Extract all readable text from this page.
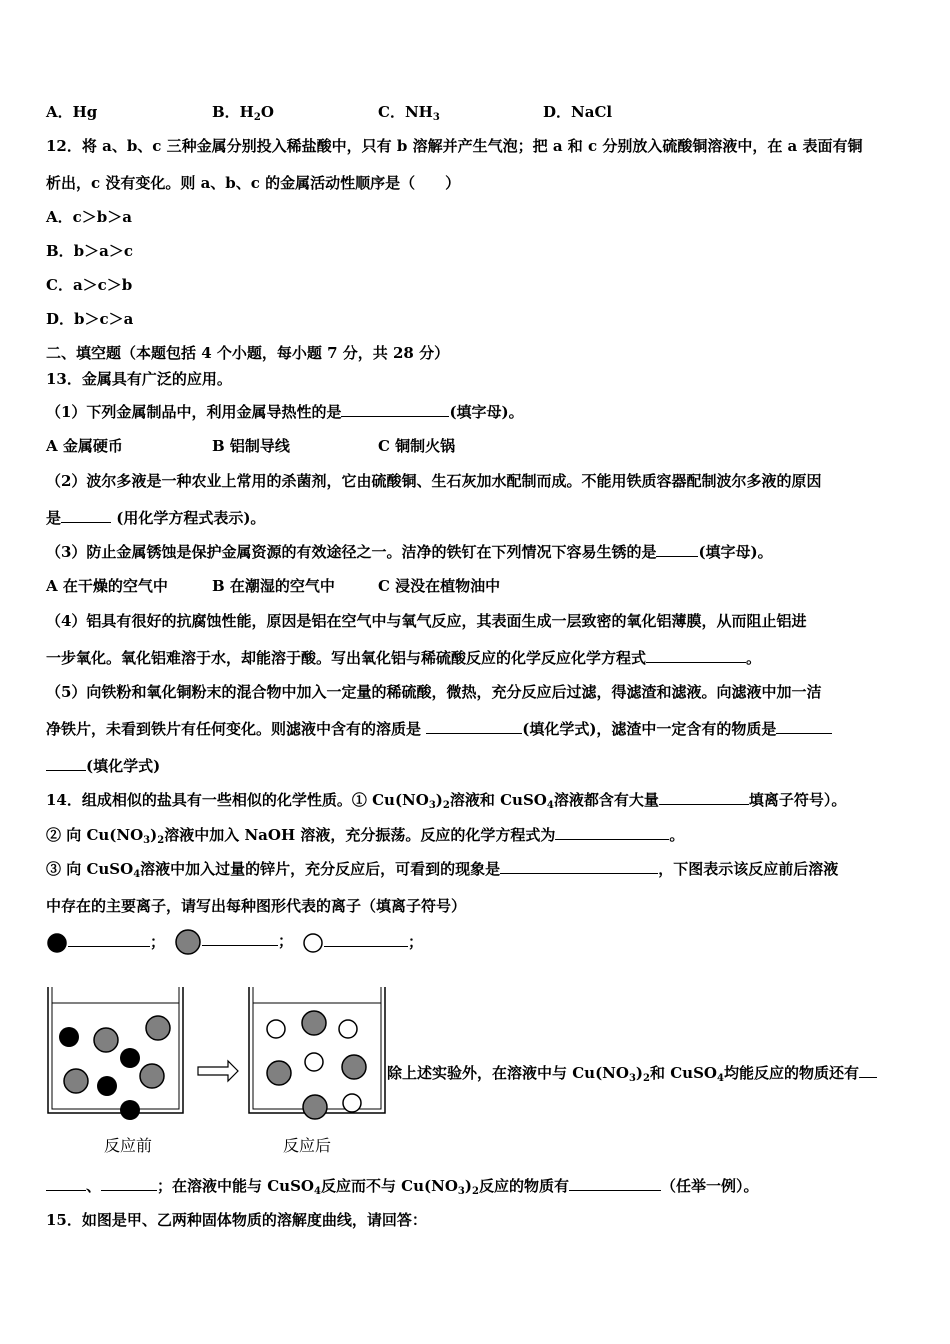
A．Hg	B．$H_2O$	C．$NH_3$	D．NaCl
12．将 a、b、c 三种金属分别投入稀盐酸中，只有 b 溶解并产生气泡；把 a 和 c 分别放入硫酸铜溶液中，在 a 表面有铜
析出，c 没有变化。则 a、b、c 的金属活动性顺序是（　　）
A．c＞b＞a
B．b＞a＞c
C．a＞c＞b
D．b＞c＞a
二、填空题（本题包括 4 个小题，每小题 7 分，共 28 分）
13．金属具有广泛的应用。
（1）下列金属制品中，利用金属导热性的是	(填字母)。
A 金属硬币	B 铝制导线	C 铜制火锅
（2）波尔多液是一种农业上常用的杀菌剂，它由硫酸铜、生石灰加水配制而成。不能用铁质容器配制波尔多液的原因
是	(用化学方程式表示)。
（3）防止金属锈蚀是保护金属资源的有效途径之一。洁净的铁钉在下列情况下容易生锈的是	(填字母)。
A 在干燥的空气中	B 在潮湿的空气中	C 浸没在植物油中
（4）铝具有很好的抗腐蚀性能，原因是铝在空气中与氧气反应，其表面生成一层致密的氧化铝薄膜，从而阻止铝进
一步氧化。氧化铝难溶于水，却能溶于酸。写出氧化铝与稀硫酸反应的化学反应化学方程式	。
（5）向铁粉和氧化铜粉末的混合物中加入一定量的稀硫酸，微热，充分反应后过滤，得滤渣和滤液。向滤液中加一洁
净铁片，未看到铁片有任何变化。则滤液中含有的溶质是	(填化学式)，滤渣中一定含有的物质是
(填化学式)
14．组成相似的盐具有一些相似的化学性质。① $Cu(NO_3)_2$溶液和 CuSO$_4$溶液都含有大量	填离子符号）。
② 向 $Cu(NO_3)_2$溶液中加入 NaOH 溶液，充分振荡。反应的化学方程式为	。
③ 向 CuSO$_4$溶液中加入过量的锌片，充分反应后，可看到的现象是	，下图表示该反应前后溶液
中存在的主要离子，请写出每种图形代表的离子（填离子符号）
；	；	；
反应前	反应后
除上述实验外，在溶液中与 $Cu(NO_3)_2$和 CuSO$_4$均能反应的物质还有
、	；在溶液中能与 CuSO$_4$反应而不与 $Cu(NO_3)_2$反应的物质有	（任举一例）。
15．如图是甲、乙两种固体物质的溶解度曲线，请回答：
